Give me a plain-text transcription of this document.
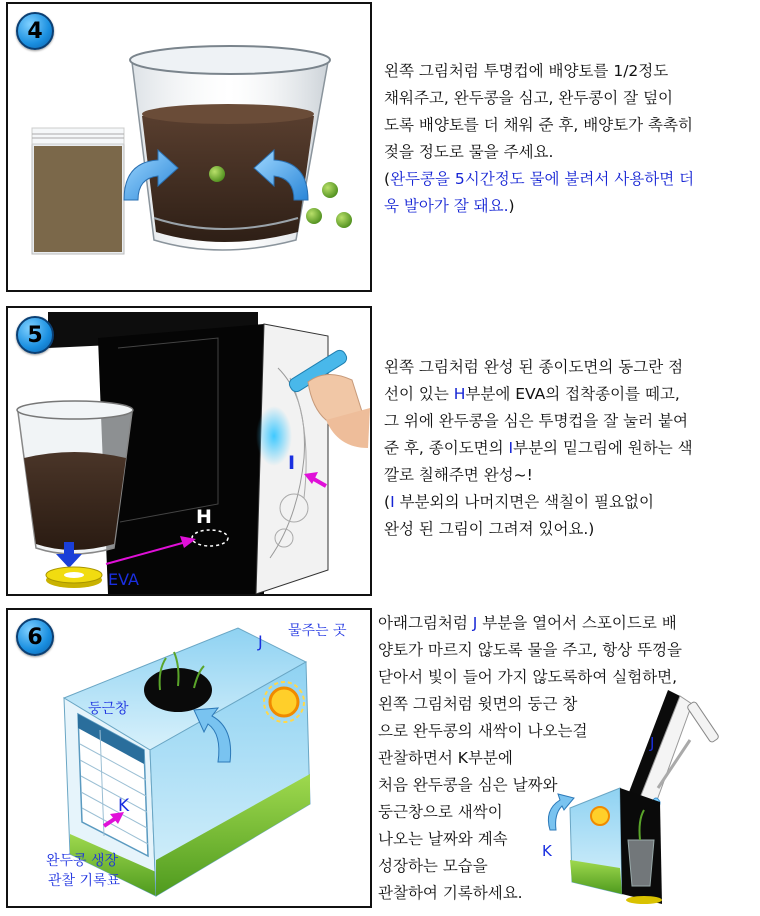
4

왼쪽 그림처럼 투명컵에 배양토를 1/2정도

채워주고, 완두콩을 심고, 완두콩이 잘 덮이

도록 배양토를 더 채워 준 후, 배양토가 촉촉히

젖을 정도로 물을 주세요.

(완두콩을 5시간정도 물에 불려서 사용하면 더

욱 발아가 잘 돼요.)

5
I
H
EVA

왼쪽 그림처럼 완성 된 종이도면의 동그란 점

선이 있는 H부분에 EVA의 접착종이를 떼고,

그 위에 완두콩을 심은 투명컵을 잘 눌러 붙여

준 후, 종이도면의 I부분의 밑그림에 원하는 색

깔로 칠해주면 완성~!

(I 부분외의 나머지면은 색칠이 필요없이

완성 된 그림이 그려져 있어요.)

6	물주는 곳
J
둥근창
K
완두콩 생장
관찰 기록표

아래그림처럼 J 부분을 열어서 스포이드로 배

양토가 마르지 않도록 물을 주고, 항상 뚜껑을

닫아서 빛이 들어 가지 않도록하여 실험하면,

왼쪽 그림처럼 윗면의 둥근 창

으로 완두콩의 새싹이 나오는걸

관찰하면서 K부분에

처음 완두콩을 심은 날짜와

둥근창으로 새싹이

나오는 날짜와 계속

성장하는 모습을

관찰하여 기록하세요.

J
K
